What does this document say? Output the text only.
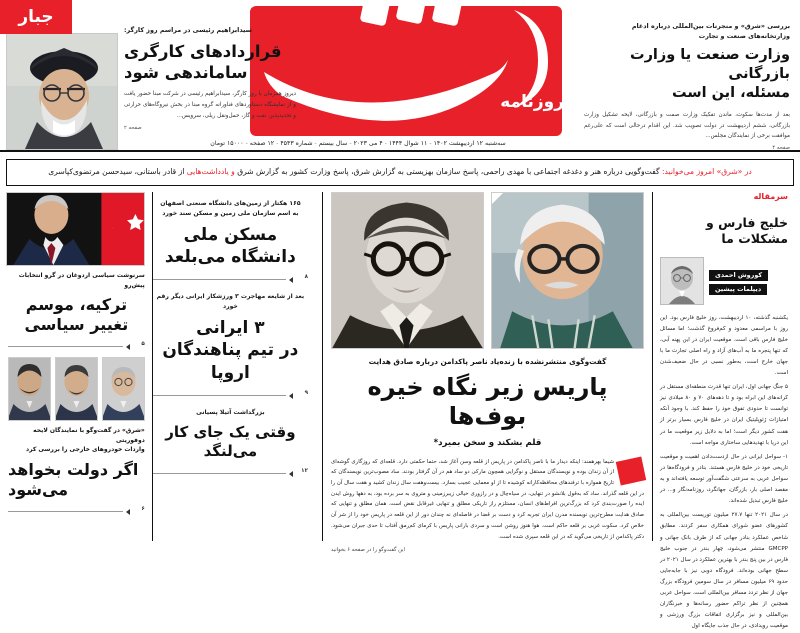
جبار
سیدابراهیم رئیسی در مراسم روز کارگر:
قراردادهای کارگری
ساماندهی شود
دیروز همزمان با روز کارگر، سیدابراهیم رئیسی در شرکت مبنا حضور یافت و از نمایشگاه دستاوردهای فناورانه گروه مبنا در بخش نیروگاه‌های حرارتی و تجدیدپذیر، نفت و گاز، حمل‌ونقل ریلی، سرویس...
صفحه ۲
روزنامه
بررسی «شرق» و منجر‌نات بین‌المللی درباره ادغام
وزارتخانه‌های صنعت و تجارت
وزارت صنعت یا وزارت بازرگانی
مسئله، این است
بعد از مدت‌ها سکوت، ماندن تفکیک وزارت صمت و بازرگانی، لایحه تشکیل وزارت بازرگانی، ششم اردیبهشت در دولت تصویب شد. این اقدام درحالی است که علی‌رغم موافقت برخی از نمایندگان مجلس...
صفحه ۴
سه‌شنبه ۱۲ اردیبهشت ۱۴۰۲-۱۱ شوال ۱۴۴۴-۴ می ۲۰۲۳-سال بیستم-شماره ۴۵۴۳-۱۲ صفحه-۱۵۰۰۰ تومان

در «شرق» امروز می‌خوانید: گفت‌وگویی درباره هنر و دغدغه اجتماعی با مهدی راحمی، پاسخ سازمان بهزیستی به گزارش شرق، پاسخ وزارت کشور به گزارش شرق و یادداشت‌هایی از قادر باستانی، سیدحسن مرتضوی‌کپاسری

سرمقاله
خلیج فارس و مشکلات ما
کوروش احمدی
دیپلمات پیشین

یکشنبه گذشته، ۱۰ اردیبهشت، روز خلیج فارس بود. این روز با مراسمی معدود و کم‌فروغ گذشت؛ اما مسائل خلیج فارس باقی است. موقعیت ایران در این پهنه آبی، که تنها پنجره ما به آب‌های آزاد و راه اصلی تجارت ما با جهان خارج است، به‌طور نسبی در حال ضعیف‌شدن است.

۵ جنگ جهانی اول، ایران تنها قدرت منطقه‌ای مستقل در کرانه‌های این ابراه بود و تا دهه‌های ۷۰ و ۸۰ میلادی نیز توانست تا حدودی تفوق خود را حفظ کند. با وجود آنکه امتیازات ژئوپلیتیک ایران در خلیج فارس بسیار برتر از هفت کشور دیگر است؛ اما به دلایل زیر موقعیت ما در این دریا با تهدید‌هایی ساختاری مواجه است.

۱- سواحل ایرانی در حال ازدست‌دادن اهمیت و موقعیت تاریخی خود در خلیج فارس هستند. بنادر و فرودگاه‌ها در سواحل عربی به سرعتی شگفت‌آور توسعه یافته‌اند و به مقصد اصلی بار، بازرگان، جهانگرد، روزنامه‌نگار و... در خلیج فارس تبدیل شده‌اند.

در سال ۲۰۲۱ تنها ۲۷.۷ میلیون توریست بین‌المللی به کشورهای عضو شورای همکاری سفر کردند. مطابق شاخص عملکرد بنادر جهانی که از طرف بانک جهانی و GMCPP منتشر می‌شود، چهار بندر در جنوب خلیج فارس در بین پنج بندر با بهترین عملکرد در سال ۲۰۲۱ در سطح جهانی بوده‌اند. فرودگاه دوبی نیز با جابه‌جایی حدود ۶۹ میلیون مسافر در سال سومین فرودگاه بزرگ جهان از نظر تردد مسافر بین‌المللی است. سواحل عربی همچنین از نظر تراکم حضور رسانه‌ها و خبرنگاران بین‌المللی و نیز برگزاری اتفاقات بزرگ ورزشی و موقعیت رویدادی، در حال جذب جایگاه اول

گفت‌وگوی منتشرنشده با زنده‌یاد ناصر پاکدامن درباره صادق هدایت
پاریس زیر نگاه خیره بوف‌ها
قلم بشکند و سخن بمیرد*
شیما بهرهمند: اینکه دیدار ما با ناصر پاکدامن در پاریس از قلعه وسن آغاز شد، حتما حکمتی دارد. قلعه‌ای که روزگاری گوشه‌ای از آن زندان بوده و نویسندگان مستقل و نوگرایی همچون مارکی دو ساد هم در آن گرفتار بودند. ساد مصوب‌ترین نویسندگان که تاریخ همواره با ترفندهای محافظه‌کارانه کوشیده تا از او معمایی عجیب بسازد. بیست‌وهفت سال زندان کشید و هفت سال آن را در این قلعه گذراند. ساد که به‌قول بلانشو در تنهایی، در سیاه‌چال و در رازوری خیالی زیبرزمینی و متروی به سر برده بود، به دهها روش ایدن ایده را صورت‌بندی کرد که بزرگ‌ترین افراط‌های انسان، مستلزم راز تاریکی مطلق و تنهایی غیرقابل نقض است. همان مطلق و تنهایی که صادق هدایت مطرح‌ترین نویسنده مدرن ایران تجربه کرد و دست بر قضا در فاصله‌ای نه چندان دور از این قلعه در پاریس خود را از شر آن خلاص کرد. سکوت غربی بر قلعه حاکم است. هوا هنوز روشن است و سردی بارانی پاریس با کرمای کم‌رمق آفتاب تا حدی جبران می‌شود. دکتر پاکدامن از تاریخی می‌گوید که در این قلعه سپری شده است.
این گفت‌وگو را در صفحه ۶ بخوانید
۱۶۵ هکتار از زمین‌های دانشگاه صنعتی اصفهان
به اسم سازمان ملی زمین و مسکن سند خورد
مسکن ملی
دانشگاه می‌بلعد
۸
بعد از شایعه مهاجرت ۳ ورزشکار ایرانی دیگر رقم خورد
۳ ایرانی
در تیم پناهندگان اروپا
۹
بزرگداشت آتیلا پسیانی
وقتی یک جای کار
می‌لنگد
۱۲
سرنوشت سیاسی اردوغان در گرو انتخابات پیش‌رو
ترکیه، موسم تغییر سیاسی
۵
«شرق» در گفت‌وگو با نمایندگان لایحه دوفوریتی
واردات خودروهای خارجی را بررسی کرد
اگر دولت بخواهد می‌شود
۶
